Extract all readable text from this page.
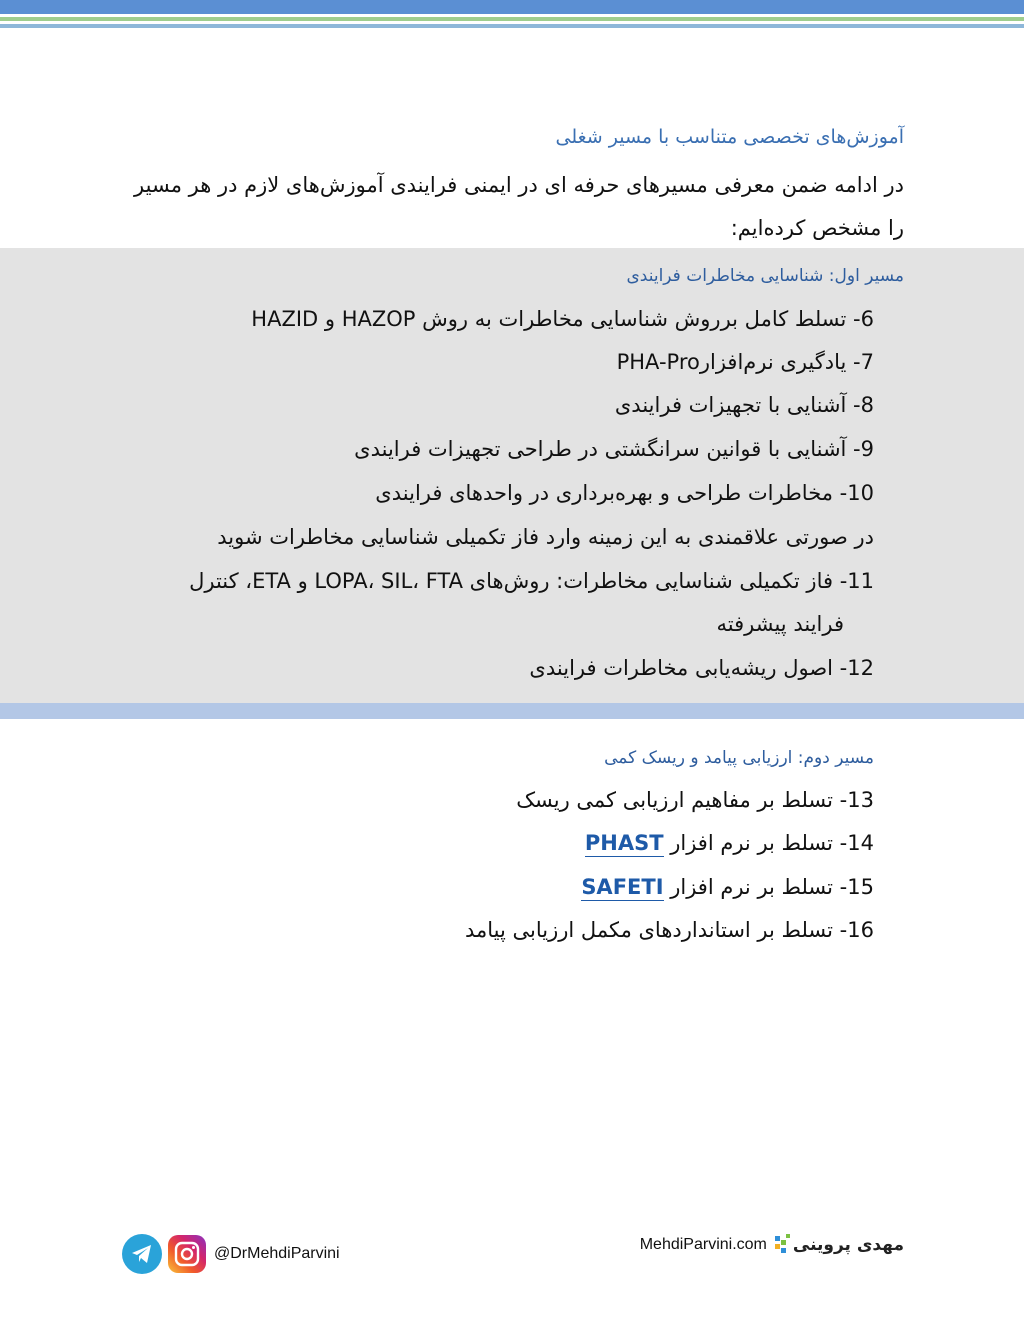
آموزش‌های تخصصی متناسب با مسیر شغلی
در ادامه ضمن معرفی مسیرهای حرفه ای در ایمنی فرایندی آموزش‌های لازم در هر مسیر را مشخص کرده‌ایم:
مسیر اول: شناسایی مخاطرات فرایندی
6- تسلط کامل برروش شناسایی مخاطرات به روش HAZOP و HAZID
7- یادگیری نرم‌افزارPHA-Pro
8- آشنایی با تجهیزات فرایندی
9- آشنایی با قوانین سرانگشتی در طراحی تجهیزات فرایندی
10- مخاطرات طراحی و بهره‌برداری در واحدهای فرایندی
در صورتی علاقمندی به این زمینه وارد فاز تکمیلی شناسایی مخاطرات شوید
11- فاز تکمیلی شناسایی مخاطرات: روش‌های LOPA، SIL، FTA و ETA، کنترل
فرایند پیشرفته
12- اصول ریشه‌یابی مخاطرات فرایندی
مسیر دوم: ارزیابی پیامد و ریسک کمی
13- تسلط بر مفاهیم ارزیابی کمی ریسک
14- تسلط بر نرم افزار PHAST
15- تسلط بر نرم افزار SAFETI
16- تسلط بر استانداردهای مکمل ارزیابی پیامد
@DrMehdiParvini
MehdiParvini.com مهدی پروینی
